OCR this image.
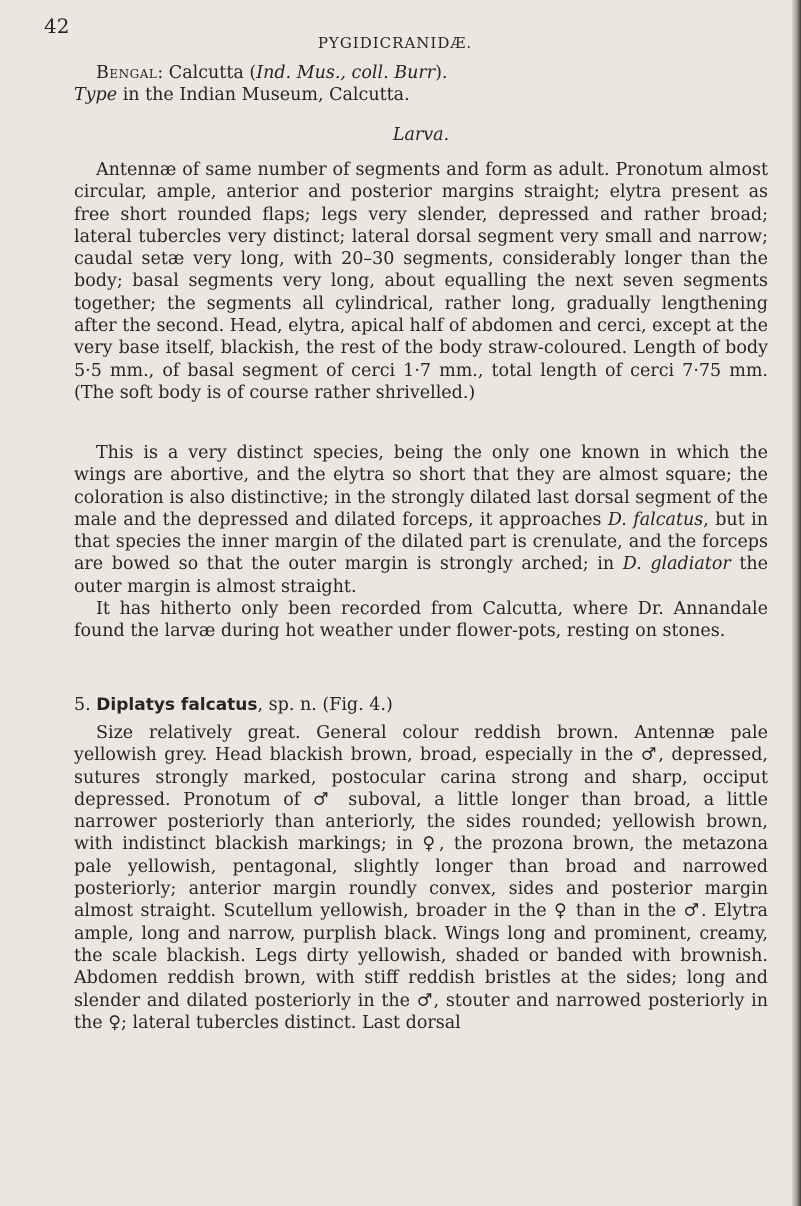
42
PYGIDICRANIDÆ.

Bengal: Calcutta (Ind. Mus., coll. Burr).

Type in the Indian Museum, Calcutta.

Larva.

Antennæ of same number of segments and form as adult. Pronotum almost circular, ample, anterior and posterior margins straight; elytra present as free short rounded flaps; legs very slender, depressed and rather broad; lateral tubercles very distinct; lateral dorsal segment very small and narrow; caudal setæ very long, with 20–30 segments, considerably longer than the body; basal segments very long, about equalling the next seven segments together; the segments all cylindrical, rather long, gradually lengthening after the second. Head, elytra, apical half of abdomen and cerci, except at the very base itself, blackish, the rest of the body straw-coloured. Length of body 5·5 mm., of basal segment of cerci 1·7 mm., total length of cerci 7·75 mm. (The soft body is of course rather shrivelled.)

This is a very distinct species, being the only one known in which the wings are abortive, and the elytra so short that they are almost square; the coloration is also distinctive; in the strongly dilated last dorsal segment of the male and the depressed and dilated forceps, it approaches D. falcatus, but in that species the inner margin of the dilated part is crenulate, and the forceps are bowed so that the outer margin is strongly arched; in D. gladiator the outer margin is almost straight.

It has hitherto only been recorded from Calcutta, where Dr. Annandale found the larvæ during hot weather under flower-pots, resting on stones.

5. Diplatys falcatus, sp. n. (Fig. 4.)

Size relatively great. General colour reddish brown. Antennæ pale yellowish grey. Head blackish brown, broad, especially in the ♂, depressed, sutures strongly marked, postocular carina strong and sharp, occiput depressed. Pronotum of ♂ suboval, a little longer than broad, a little narrower posteriorly than anteriorly, the sides rounded; yellowish brown, with indistinct blackish markings; in ♀, the prozona brown, the metazona pale yellowish, pentagonal, slightly longer than broad and narrowed posteriorly; anterior margin roundly convex, sides and posterior margin almost straight. Scutellum yellowish, broader in the ♀ than in the ♂. Elytra ample, long and narrow, purplish black. Wings long and prominent, creamy, the scale blackish. Legs dirty yellowish, shaded or banded with brownish. Abdomen reddish brown, with stiff reddish bristles at the sides; long and slender and dilated posteriorly in the ♂, stouter and narrowed posteriorly in the ♀; lateral tubercles distinct. Last dorsal
